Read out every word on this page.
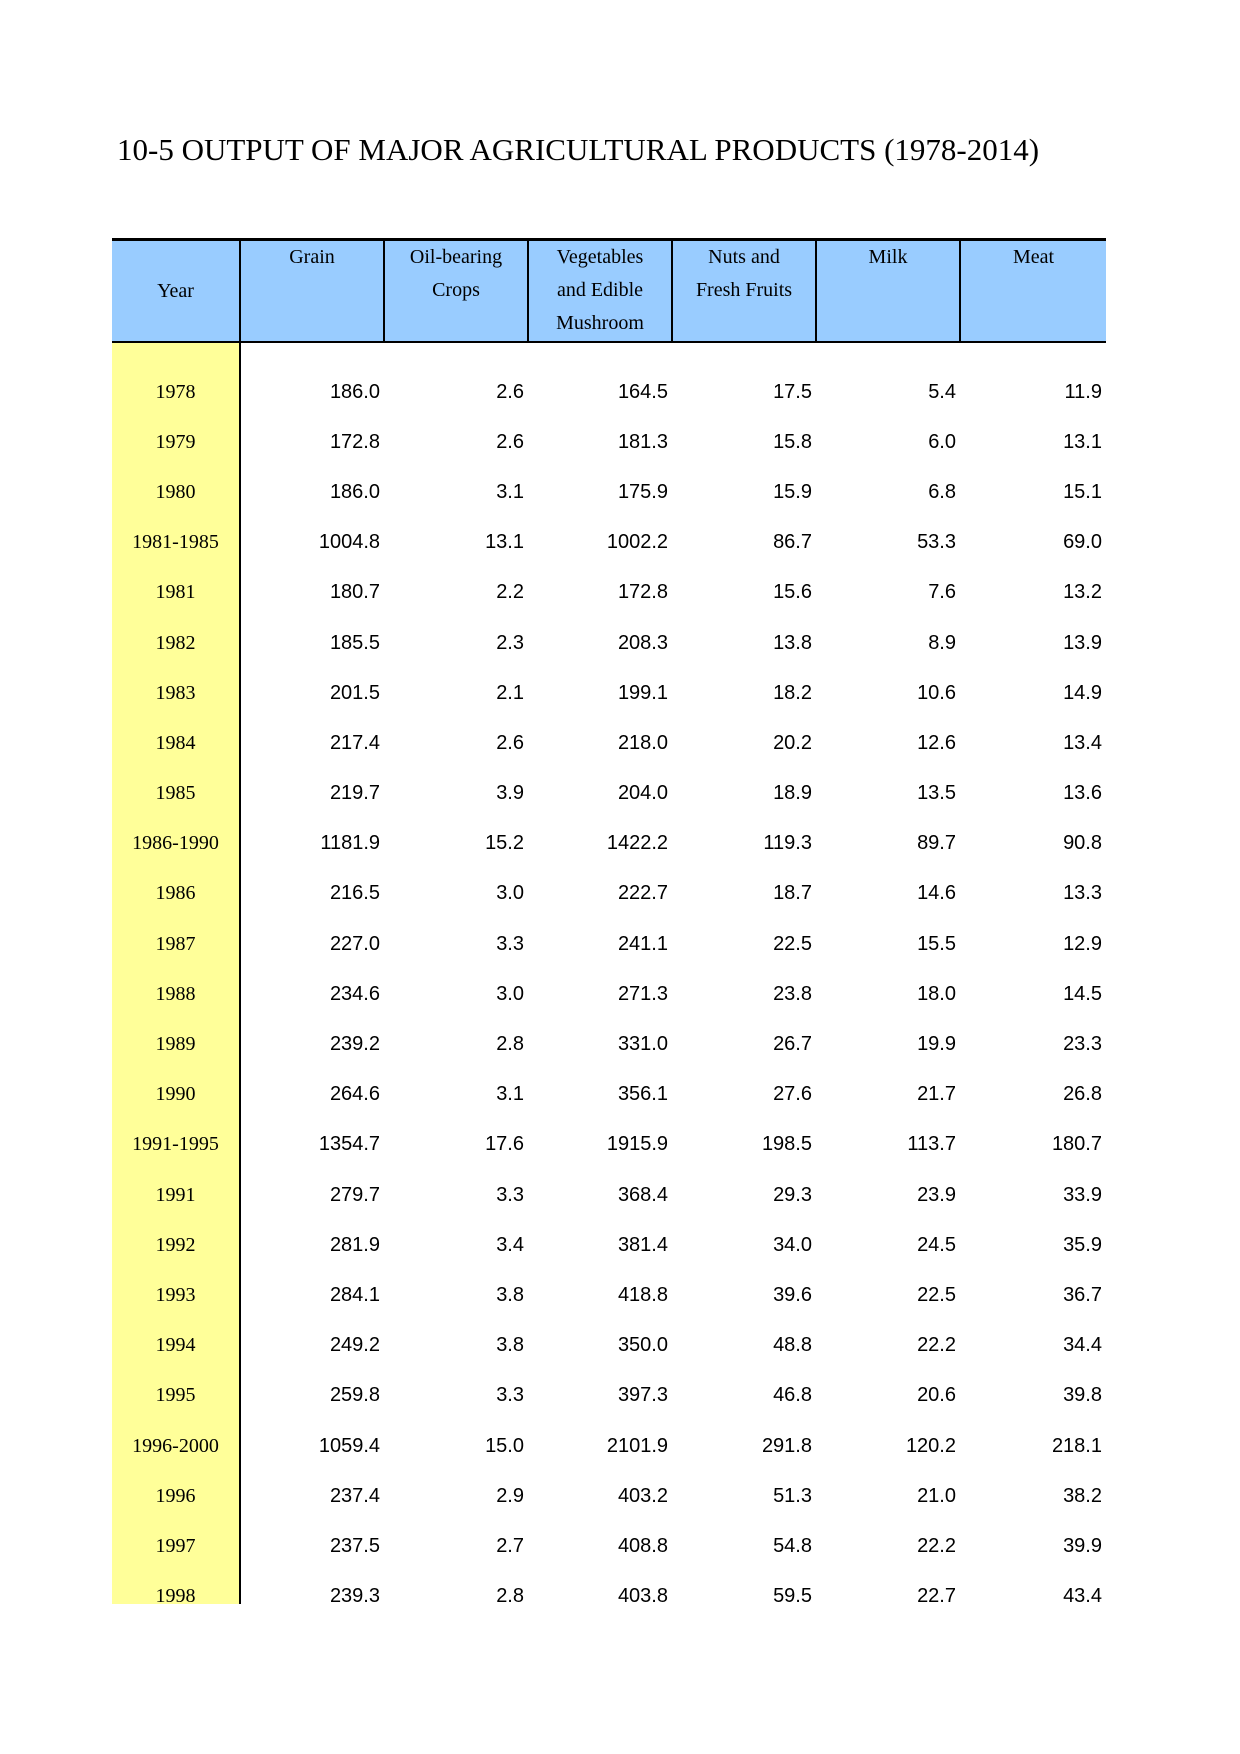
10-5 OUTPUT OF MAJOR AGRICULTURAL PRODUCTS (1978-2014)
Year	Grain	Oil-bearing Crops	Vegetables and Edible Mushroom	Nuts and Fresh Fruits	Milk	Meat

1978	186.0	2.6	164.5	17.5	5.4	11.9
1979	172.8	2.6	181.3	15.8	6.0	13.1
1980	186.0	3.1	175.9	15.9	6.8	15.1
1981-1985	1004.8	13.1	1002.2	86.7	53.3	69.0
1981	180.7	2.2	172.8	15.6	7.6	13.2
1982	185.5	2.3	208.3	13.8	8.9	13.9
1983	201.5	2.1	199.1	18.2	10.6	14.9
1984	217.4	2.6	218.0	20.2	12.6	13.4
1985	219.7	3.9	204.0	18.9	13.5	13.6
1986-1990	1181.9	15.2	1422.2	119.3	89.7	90.8
1986	216.5	3.0	222.7	18.7	14.6	13.3
1987	227.0	3.3	241.1	22.5	15.5	12.9
1988	234.6	3.0	271.3	23.8	18.0	14.5
1989	239.2	2.8	331.0	26.7	19.9	23.3
1990	264.6	3.1	356.1	27.6	21.7	26.8
1991-1995	1354.7	17.6	1915.9	198.5	113.7	180.7
1991	279.7	3.3	368.4	29.3	23.9	33.9
1992	281.9	3.4	381.4	34.0	24.5	35.9
1993	284.1	3.8	418.8	39.6	22.5	36.7
1994	249.2	3.8	350.0	48.8	22.2	34.4
1995	259.8	3.3	397.3	46.8	20.6	39.8
1996-2000	1059.4	15.0	2101.9	291.8	120.2	218.1
1996	237.4	2.9	403.2	51.3	21.0	38.2
1997	237.5	2.7	408.8	54.8	22.2	39.9
1998	239.3	2.8	403.8	59.5	22.7	43.4
